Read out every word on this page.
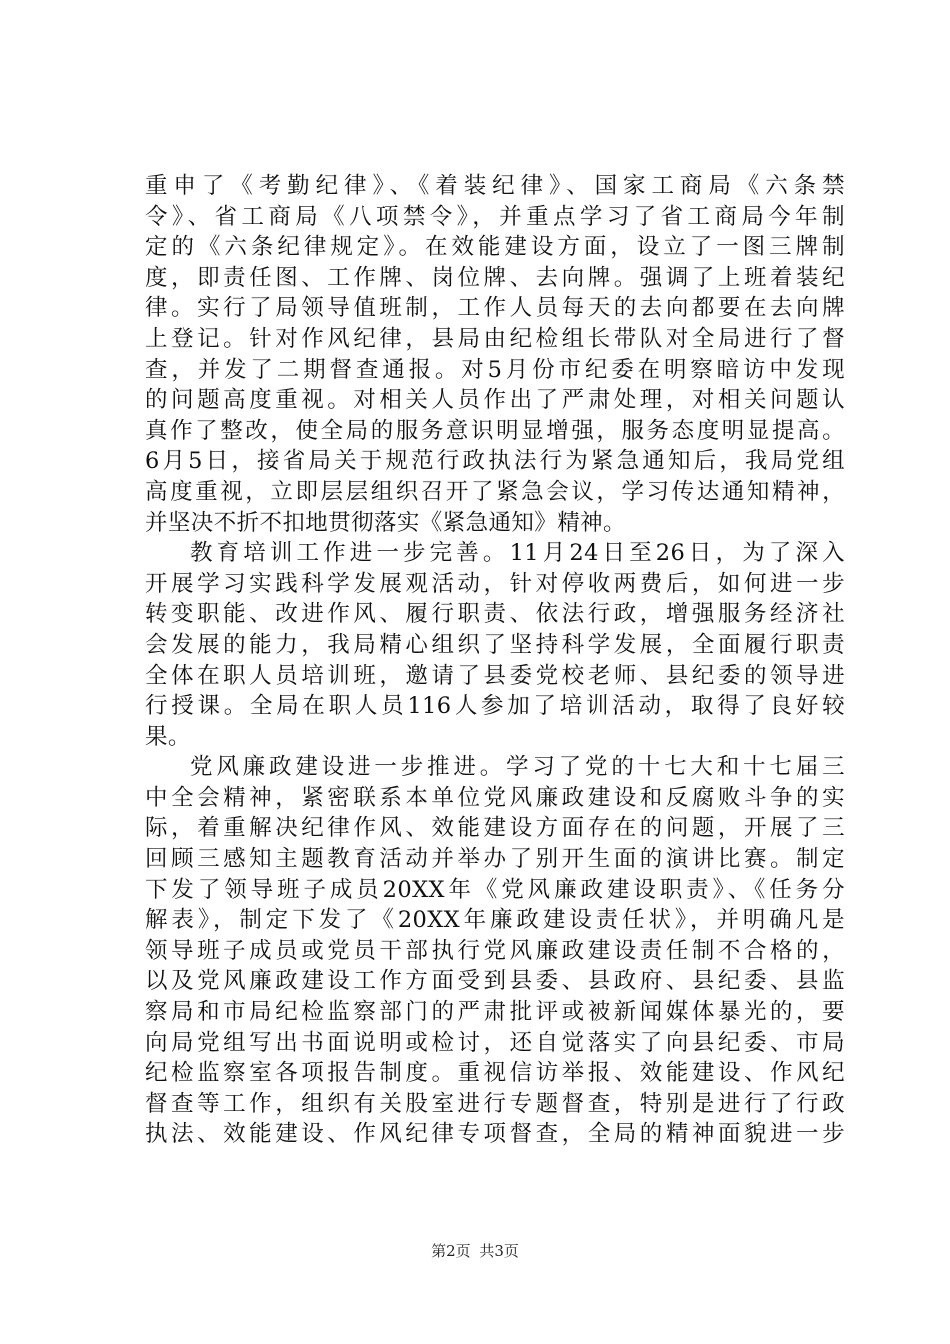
重申了《考勤纪律》、《着装纪律》、国家工商局《六条禁
令》、省工商局《八项禁令》，并重点学习了省工商局今年制
定的《六条纪律规定》。在效能建设方面，设立了一图三牌制
度，即责任图、工作牌、岗位牌、去向牌。强调了上班着装纪
律。实行了局领导值班制，工作人员每天的去向都要在去向牌
上登记。针对作风纪律，县局由纪检组长带队对全局进行了督
查，并发了二期督查通报。对5月份市纪委在明察暗访中发现
的问题高度重视。对相关人员作出了严肃处理，对相关问题认
真作了整改，使全局的服务意识明显增强，服务态度明显提高。
6月5日，接省局关于规范行政执法行为紧急通知后，我局党组
高度重视，立即层层组织召开了紧急会议，学习传达通知精神，
并坚决不折不扣地贯彻落实《紧急通知》精神。
教育培训工作进一步完善。11月24日至26日，为了深入
开展学习实践科学发展观活动，针对停收两费后，如何进一步
转变职能、改进作风、履行职责、依法行政，增强服务经济社
会发展的能力，我局精心组织了坚持科学发展，全面履行职责
全体在职人员培训班，邀请了县委党校老师、县纪委的领导进
行授课。全局在职人员116人参加了培训活动，取得了良好较
果。
党风廉政建设进一步推进。学习了党的十七大和十七届三
中全会精神，紧密联系本单位党风廉政建设和反腐败斗争的实
际，着重解决纪律作风、效能建设方面存在的问题，开展了三
回顾三感知主题教育活动并举办了别开生面的演讲比赛。制定
下发了领导班子成员20XX年《党风廉政建设职责》、《任务分
解表》，制定下发了《20XX年廉政建设责任状》，并明确凡是
领导班子成员或党员干部执行党风廉政建设责任制不合格的，
以及党风廉政建设工作方面受到县委、县政府、县纪委、县监
察局和市局纪检监察部门的严肃批评或被新闻媒体暴光的，要
向局党组写出书面说明或检讨，还自觉落实了向县纪委、市局
纪检监察室各项报告制度。重视信访举报、效能建设、作风纪
督查等工作，组织有关股室进行专题督查，特别是进行了行政
执法、效能建设、作风纪律专项督查，全局的精神面貌进一步
第2页 共3页
